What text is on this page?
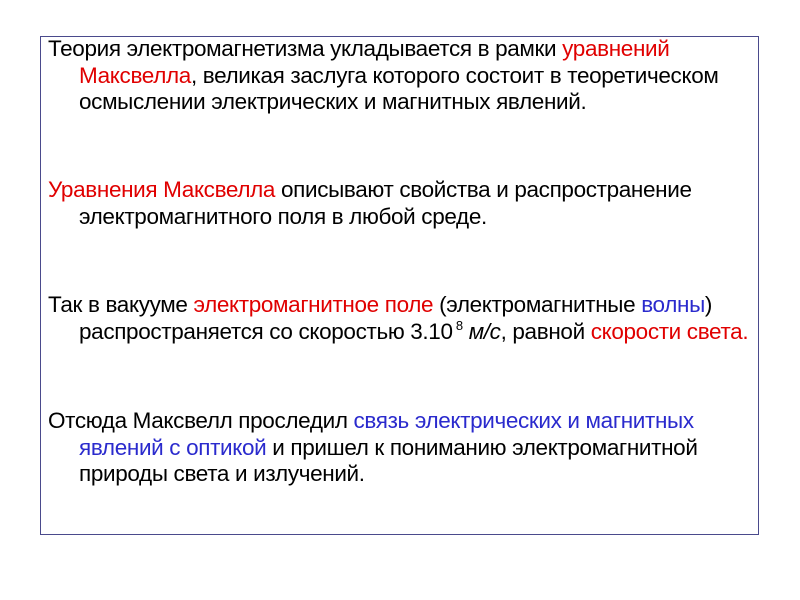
Теория электромагнетизма укладывается в рамки уравнений Максвелла, великая заслуга которого состоит в теоретическом осмыслении электрических и магнитных явлений.

Уравнения Максвелла описывают свойства и распространение электромагнитного поля в любой среде.

Так в вакууме электромагнитное поле (электромагнитные волны) распространяется со скоростью 3.10 $^8$ м/с, равной скорости света.

Отсюда Максвелл проследил связь электрических и магнитных явлений с оптикой и пришел к пониманию электромагнитной природы света и излучений.
